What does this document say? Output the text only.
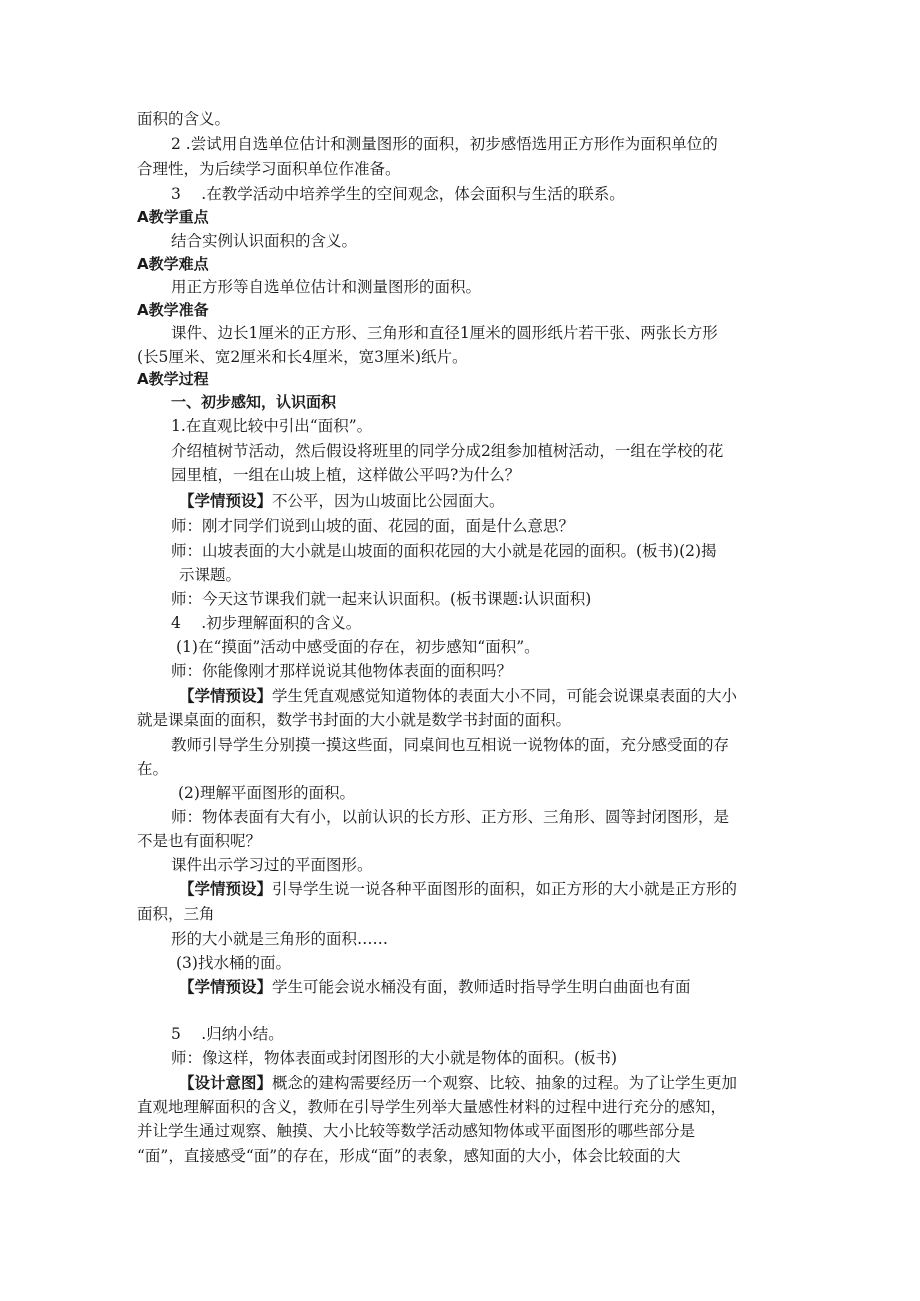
面积的含义。
2 .尝试用自选单位估计和测量图形的面积，初步感悟选用正方形作为面积单位的
合理性，为后续学习面积单位作准备。
3　 .在教学活动中培养学生的空间观念，体会面积与生活的联系。
A教学重点
结合实例认识面积的含义。
A教学难点
用正方形等自选单位估计和测量图形的面积。
A教学准备
课件、边长1厘米的正方形、三角形和直径1厘米的圆形纸片若干张、两张长方形
(长5厘米、宽2厘米和长4厘米，宽3厘米)纸片。
A教学过程
一、初步感知，认识面积
1.在直观比较中引出“面积”。
介绍植树节活动，然后假设将班里的同学分成2组参加植树活动，一组在学校的花
园里植，一组在山坡上植，这样做公平吗?为什么？
【学情预设】不公平，因为山坡面比公园面大。
师：刚才同学们说到山坡的面、花园的面，面是什么意思？
师：山坡表面的大小就是山坡面的面积花园的大小就是花园的面积。(板书)(2)揭
示课题。
师：今天这节课我们就一起来认识面积。(板书课题:认识面积)
4　 .初步理解面积的含义。
(1)在“摸面”活动中感受面的存在，初步感知“面积”。
师：你能像刚才那样说说其他物体表面的面积吗？
【学情预设】学生凭直观感觉知道物体的表面大小不同，可能会说课桌表面的大小
就是课桌面的面积，数学书封面的大小就是数学书封面的面积。
教师引导学生分别摸一摸这些面，同桌间也互相说一说物体的面，充分感受面的存
在。
(2)理解平面图形的面积。
师：物体表面有大有小，以前认识的长方形、正方形、三角形、圆等封闭图形，是
不是也有面积呢？
课件出示学习过的平面图形。
【学情预设】引导学生说一说各种平面图形的面积，如正方形的大小就是正方形的
面积，三角
形的大小就是三角形的面积……
(3)找水桶的面。
【学情预设】学生可能会说水桶没有面，教师适时指导学生明白曲面也有面
5　 .归纳小结。
师：像这样，物体表面或封闭图形的大小就是物体的面积。(板书)
【设计意图】概念的建构需要经历一个观察、比较、抽象的过程。为了让学生更加
直观地理解面积的含义，教师在引导学生列举大量感性材料的过程中进行充分的感知，
并让学生通过观察、触摸、大小比较等数学活动感知物体或平面图形的哪些部分是
“面”，直接感受“面”的存在，形成“面”的表象，感知面的大小，体会比较面的大
